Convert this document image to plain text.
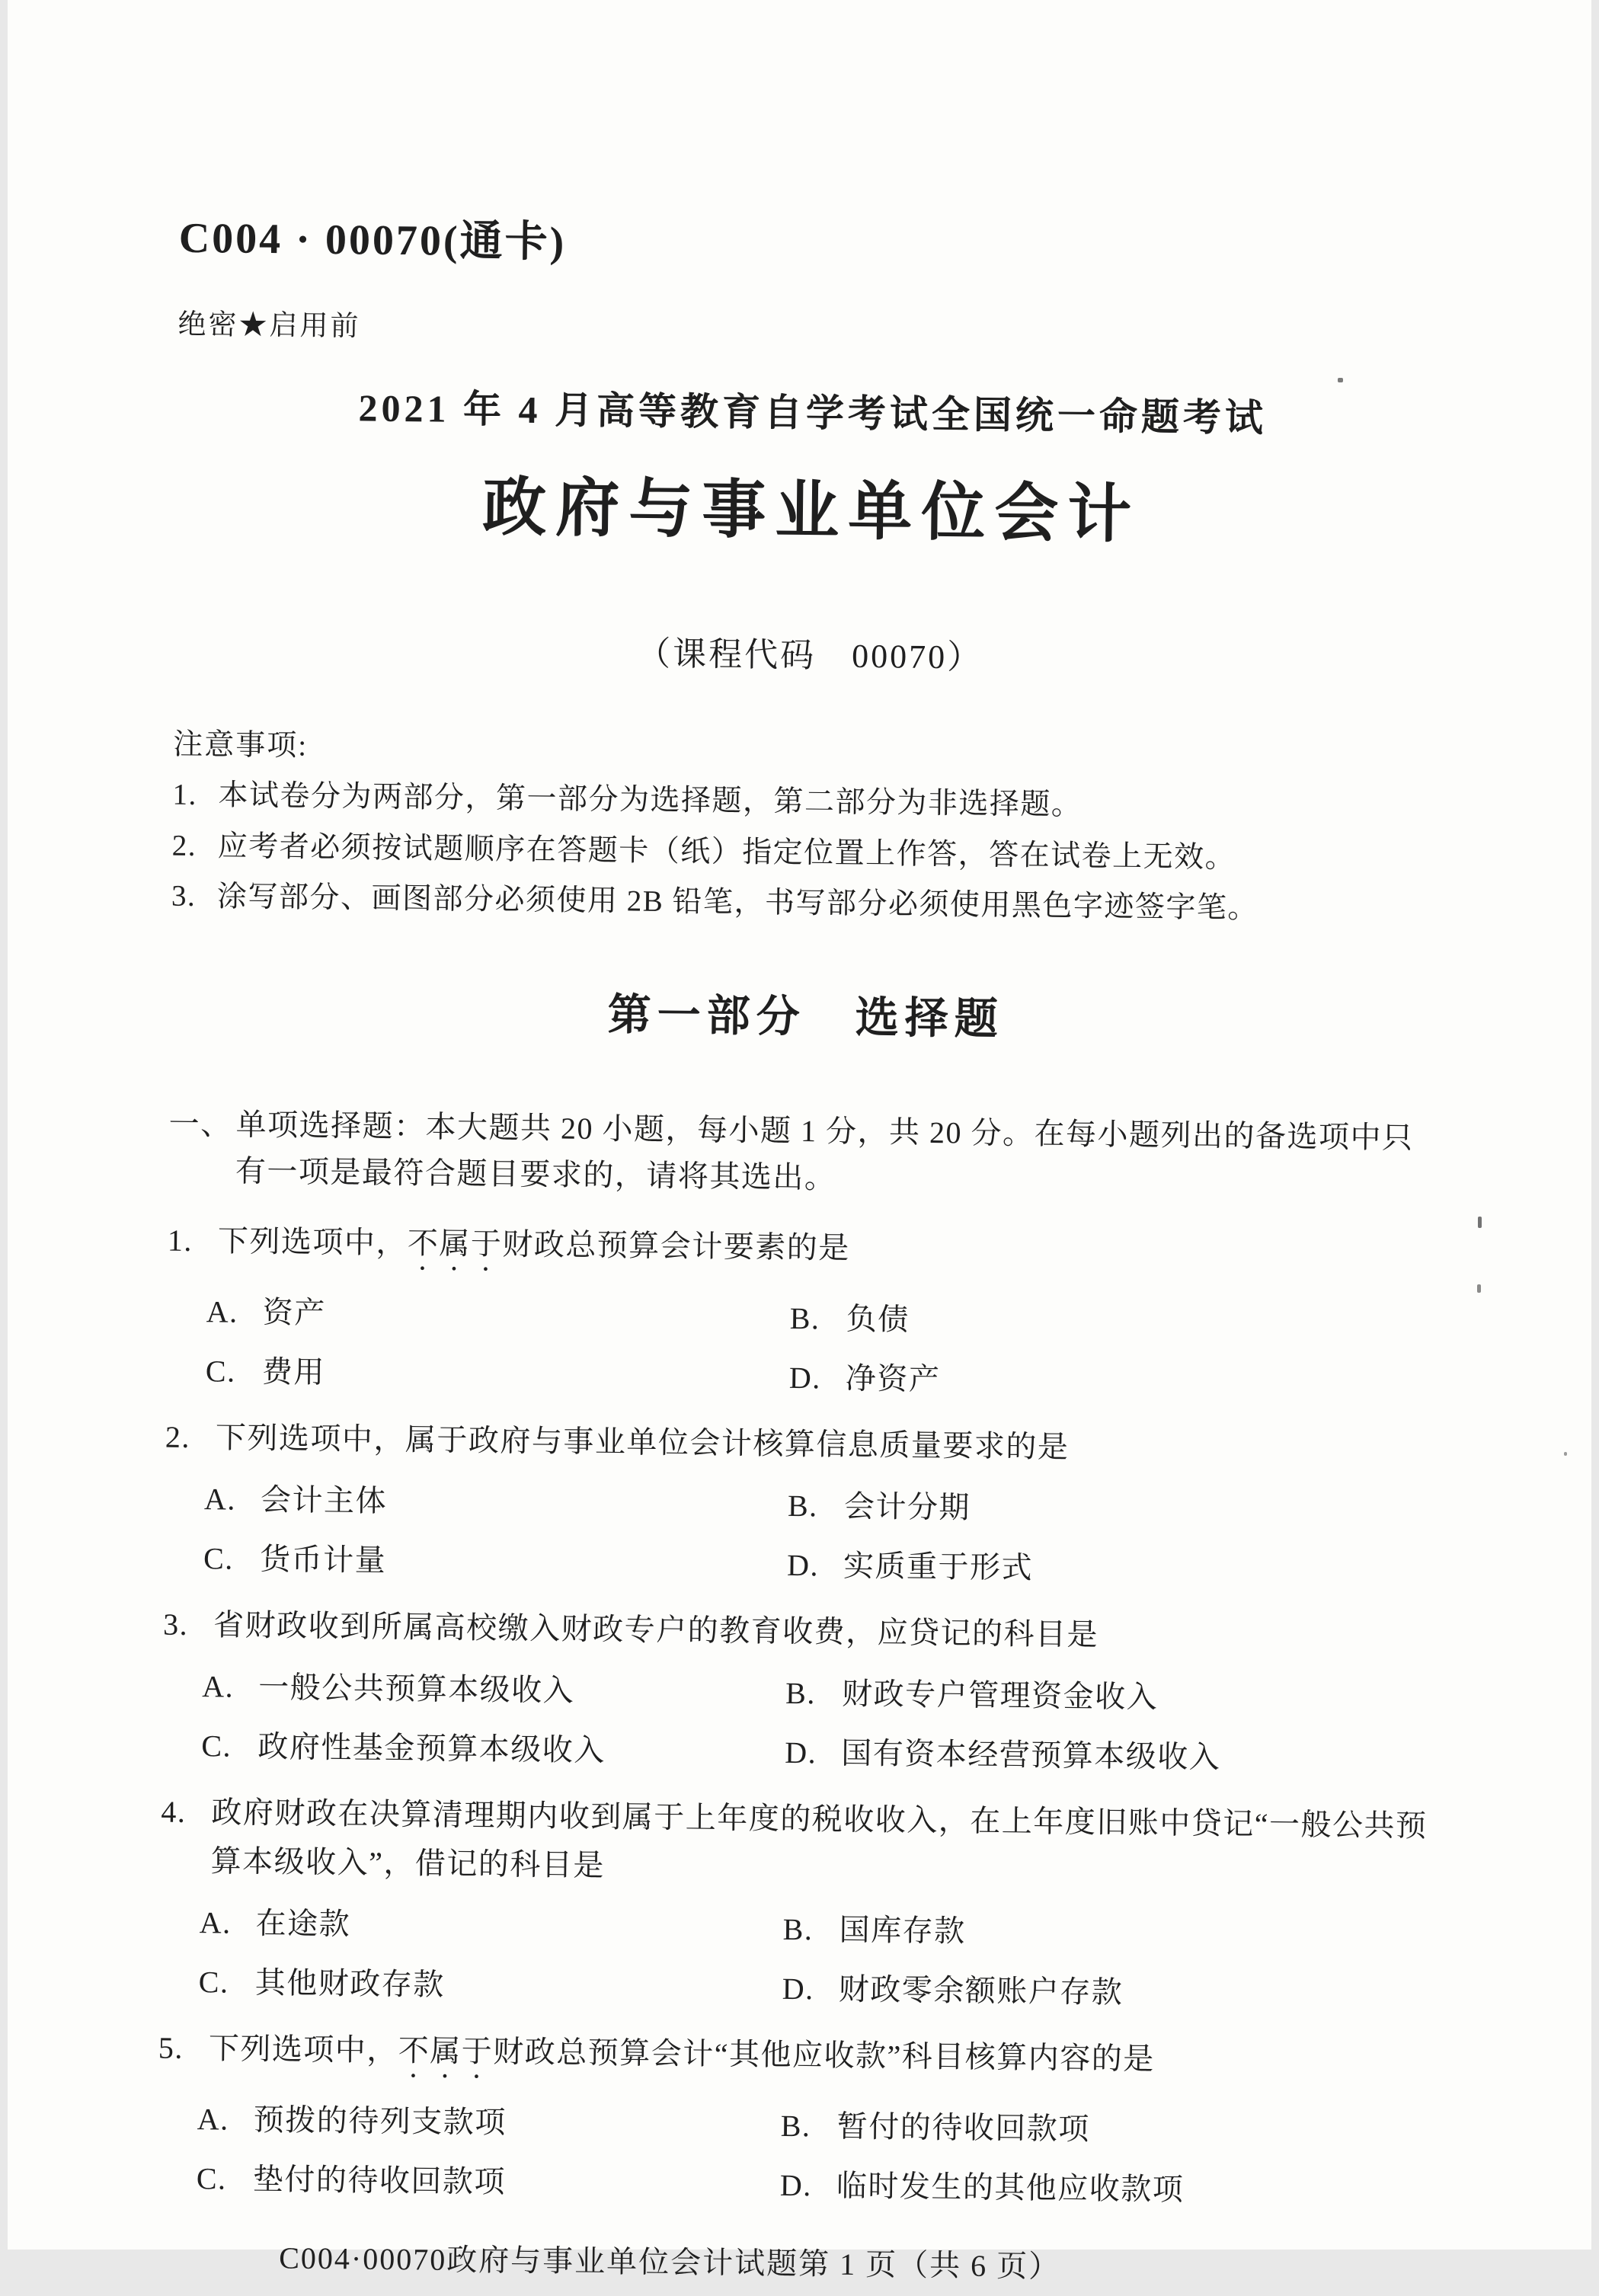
C004 · 00070(通卡)
绝密★启用前
2021 年 4 月高等教育自学考试全国统一命题考试
政府与事业单位会计
（课程代码　00070）
注意事项:
1. 本试卷分为两部分，第一部分为选择题，第二部分为非选择题。
2. 应考者必须按试题顺序在答题卡（纸）指定位置上作答，答在试卷上无效。
3. 涂写部分、画图部分必须使用 2B 铅笔，书写部分必须使用黑色字迹签字笔。
第一部分　选择题
一、 单项选择题：本大题共 20 小题，每小题 1 分，共 20 分。在每小题列出的备选项中只有一项是最符合题目要求的，请将其选出。
1. 下列选项中，不属于财政总预算会计要素的是
A. 资产	B. 负债
C. 费用	D. 净资产
2. 下列选项中，属于政府与事业单位会计核算信息质量要求的是
A. 会计主体	B. 会计分期
C. 货币计量	D. 实质重于形式
3. 省财政收到所属高校缴入财政专户的教育收费，应贷记的科目是
A. 一般公共预算本级收入	B. 财政专户管理资金收入
C. 政府性基金预算本级收入	D. 国有资本经营预算本级收入
4. 政府财政在决算清理期内收到属于上年度的税收收入，在上年度旧账中贷记“一般公共预算本级收入”，借记的科目是
A. 在途款	B. 国库存款
C. 其他财政存款	D. 财政零余额账户存款
5. 下列选项中，不属于财政总预算会计“其他应收款”科目核算内容的是
A. 预拨的待列支款项	B. 暂付的待收回款项
C. 垫付的待收回款项	D. 临时发生的其他应收款项
C004·00070政府与事业单位会计试题第 1 页（共 6 页）
